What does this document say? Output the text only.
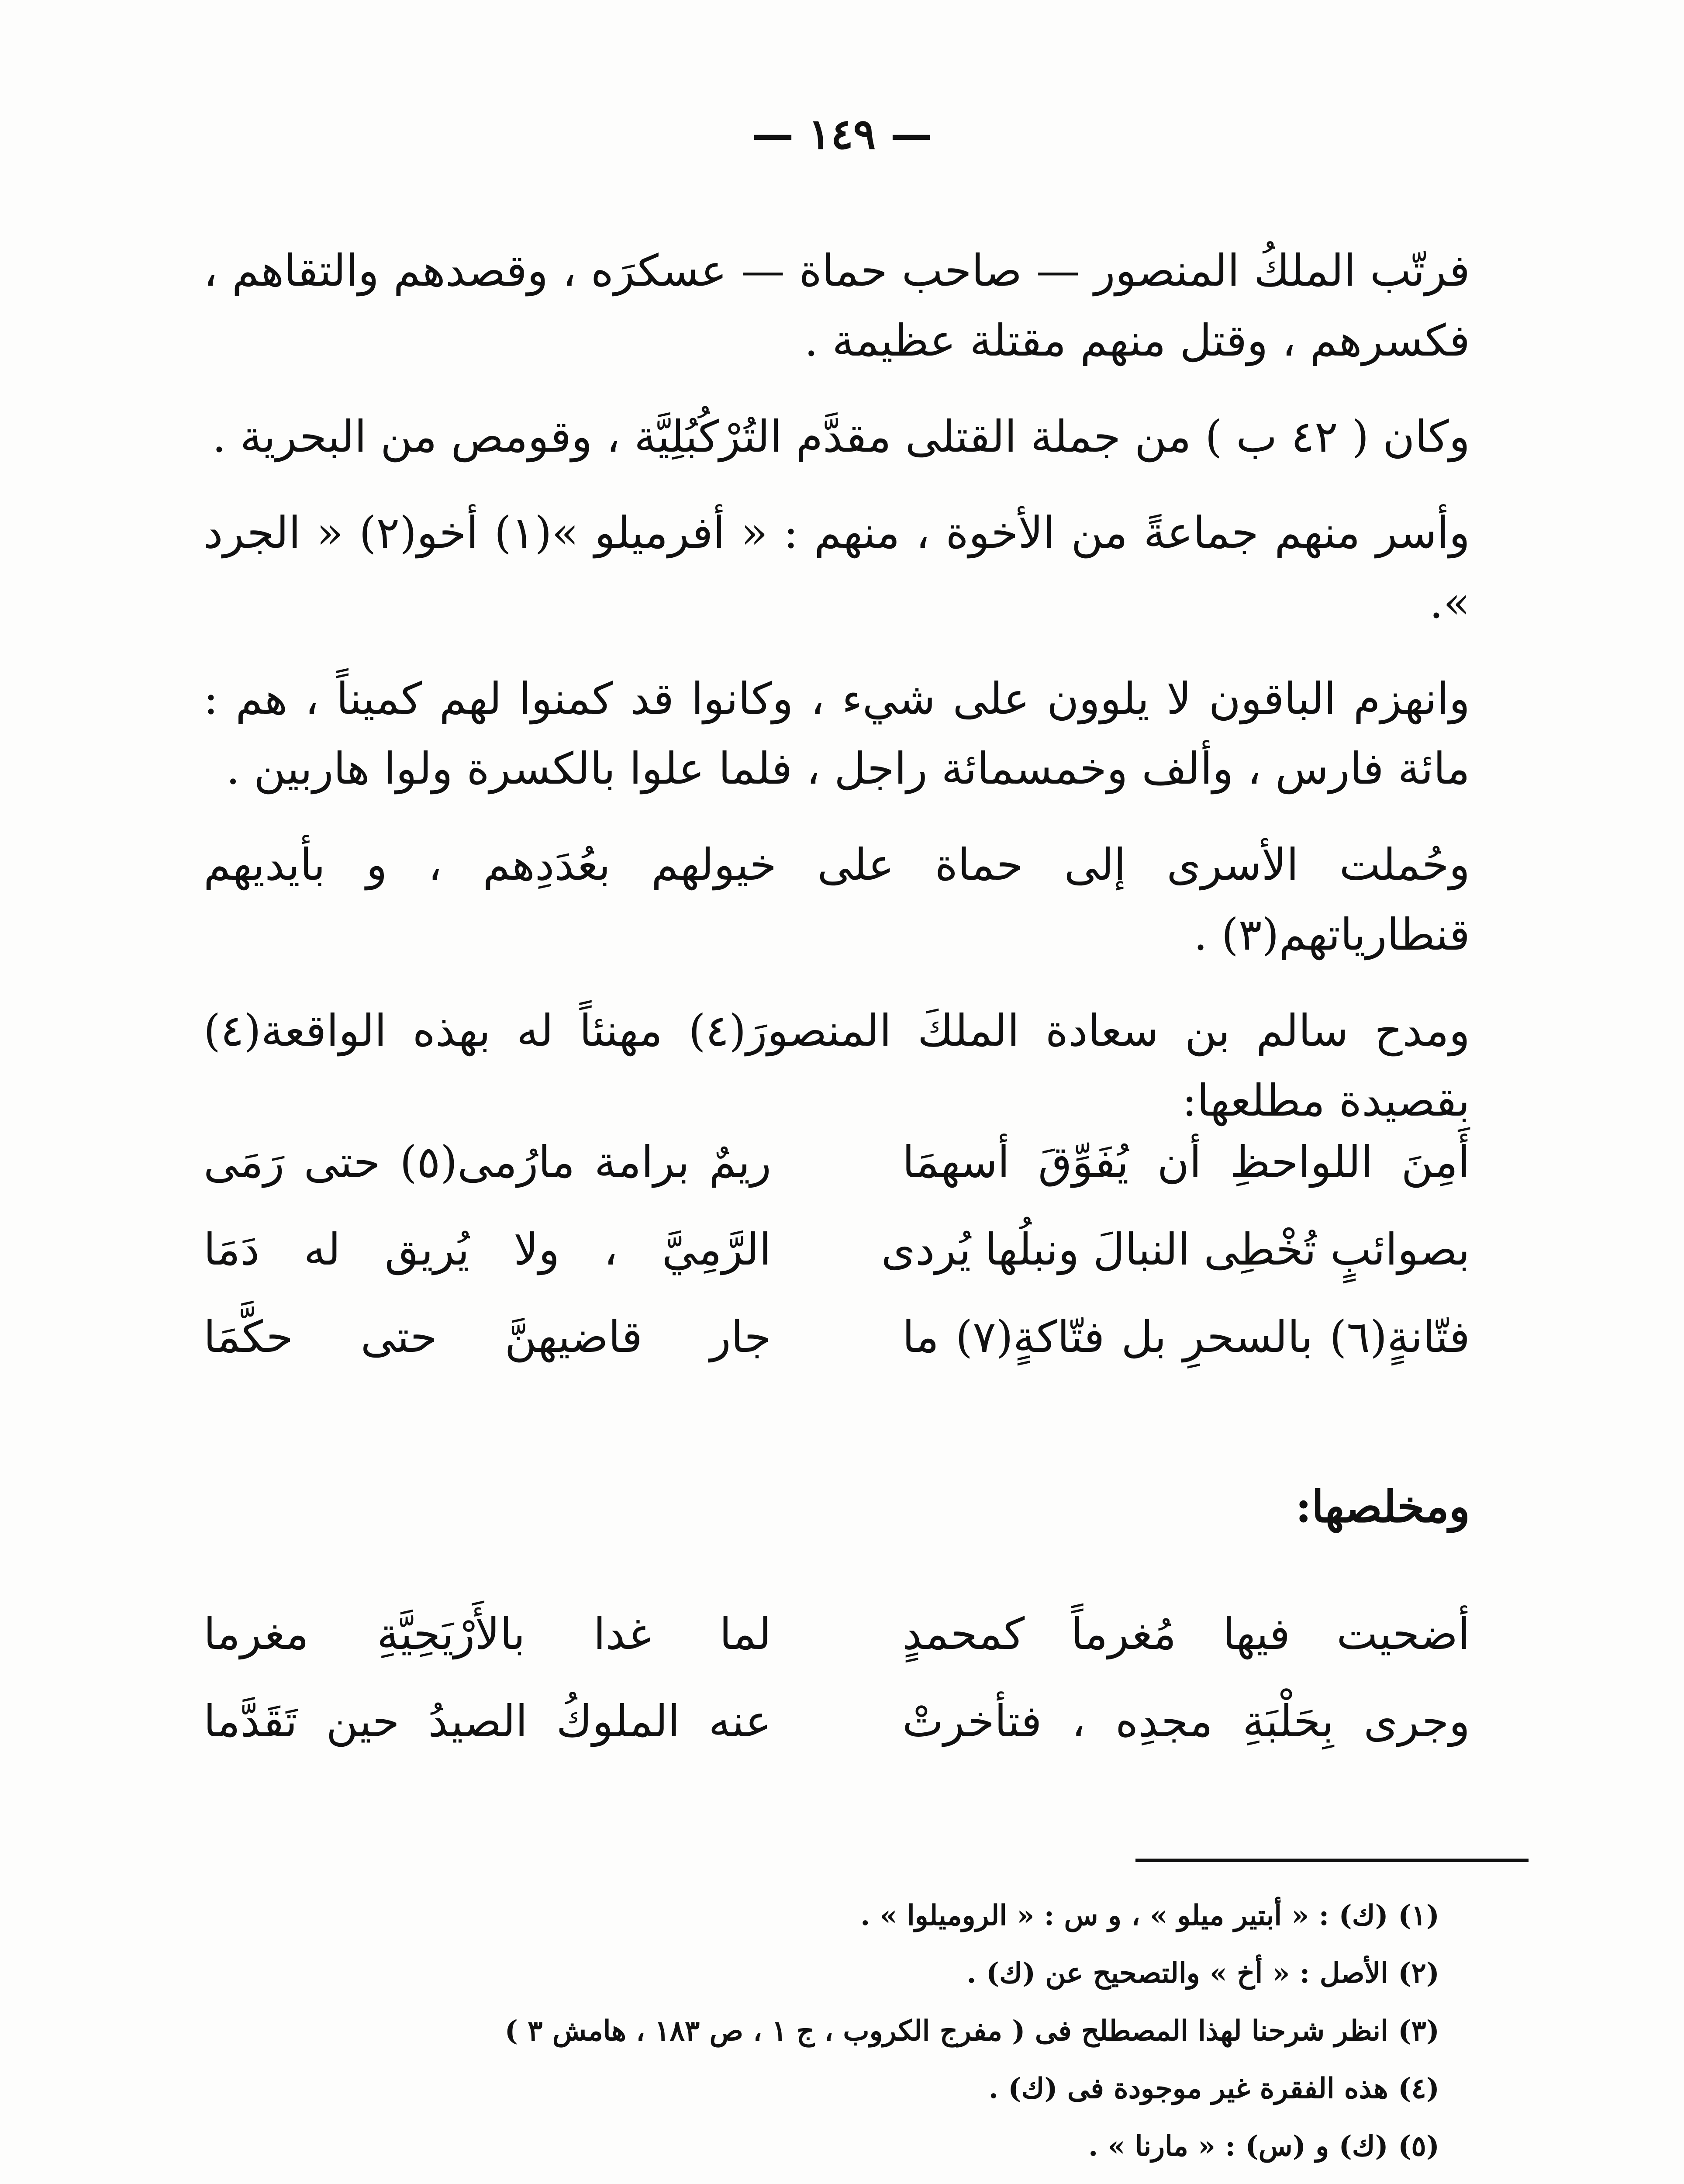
— ١٤٩ —

فرتّب الملكُ المنصور — صاحب حماة — عسكرَه ، وقصدهم والتقاهم ، فكسرهم ، وقتل منهم مقتلة عظيمة .

وكان ( ٤٢ ب ) من جملة القتلى مقدَّم التُرْكُبُلِيَّة ، وقومص من البحرية .

وأسر منهم جماعةً من الأخوة ، منهم : « أفرميلو »(١) أخو(٢) « الجرد ».

وانهزم الباقون لا يلوون على شيء ، وكانوا قد كمنوا لهم كميناً ، هم : مائة فارس ، وألف وخمسمائة راجل ، فلما علوا بالكسرة ولوا هاربين .

وحُملت الأسرى إلى حماة على خيولهم بعُدَدِهم ، و بأيديهم قنطارياتهم(٣) .

ومدح سالم بن سعادة الملكَ المنصورَ(٤) مهنئاً له بهذه الواقعة(٤) بقصيدة مطلعها:

أَمِنَ اللواحظِ أن يُفَوِّقَ أسهمَا
ريمٌ برامة مارُمى(٥) حتى رَمَى
بصوائبٍ تُخْطِى النبالَ ونبلُها يُردى
الرَّمِيَّ ، ولا يُريق له دَمَا
فتّانةٍ(٦) بالسحرِ بل فتّاكةٍ(٧) ما
جار قاضيهنَّ حتى حكَّمَا
ومخلصها:
أضحيت فيها مُغرماً كمحمدٍ
لما غدا بالأَرْيَحِيَّةِ مغرما
وجرى بِحَلْبَةِ مجدِه ، فتأخرتْ
عنه الملوكُ الصيدُ حين تَقَدَّما
(١) (ك) : « أبتير ميلو » ، و س : « الروميلوا » .
(٢) الأصل : « أخ » والتصحيح عن (ك) .
(٣) انظر شرحنا لهذا المصطلح فى ( مفرج الكروب ، ج ١ ، ص ١٨٣ ، هامش ٣ )
(٤) هذه الفقرة غير موجودة فى (ك) .
(٥) (ك) و (س) : « مارنا » .
